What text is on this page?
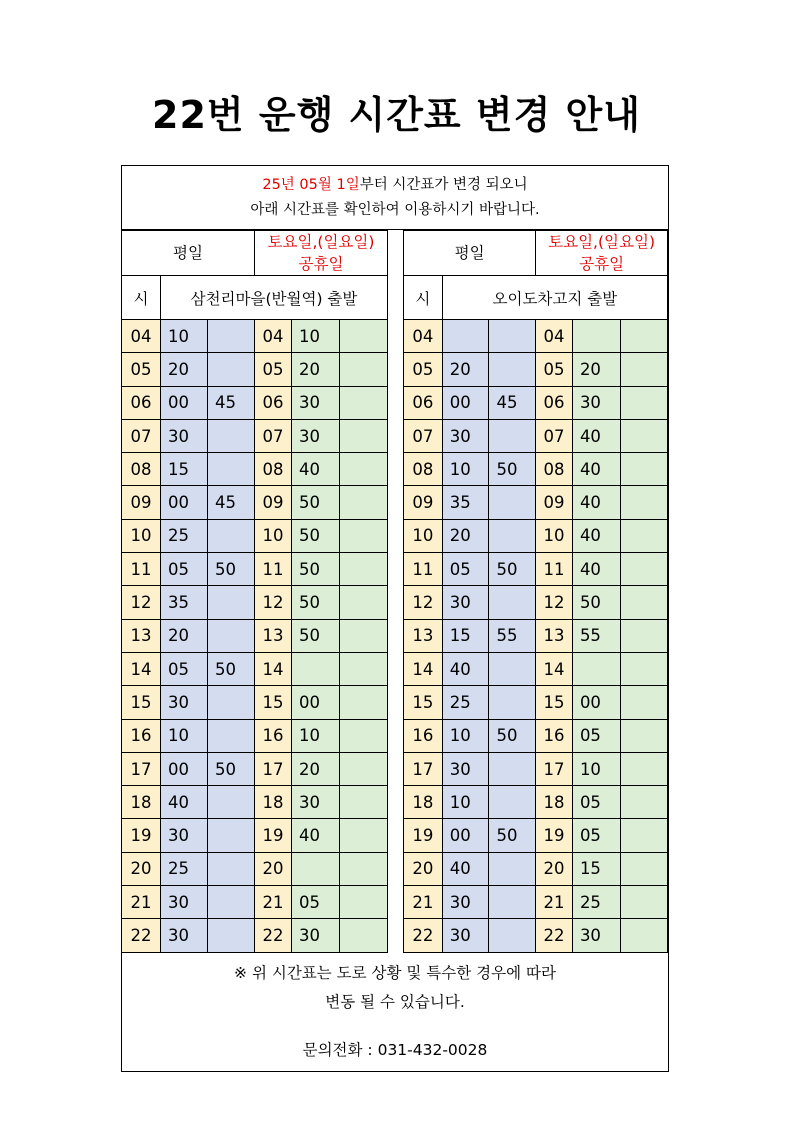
22번 운행 시간표 변경 안내
25년 05월 1일부터 시간표가 변경 되오니
아래 시간표를 확인하여 이용하시기 바랍니다.
평일			토요일,(일요일)
공휴일		
시	삼천리마을(반월역) 출발				
04	10		04	10	
05	20		05	20	
06	00	45	06	30	
07	30		07	30	
08	15		08	40	
09	00	45	09	50	
10	25		10	50	
11	05	50	11	50	
12	35		12	50	
13	20		13	50	
14	05	50	14		
15	30		15	00	
16	10		16	10	
17	00	50	17	20	
18	40		18	30	
19	30		19	40	
20	25		20		
21	30		21	05	
22	30		22	30	
평일			토요일,(일요일)
공휴일		
시	오이도차고지 출발				
04			04		
05	20		05	20	
06	00	45	06	30	
07	30		07	40	
08	10	50	08	40	
09	35		09	40	
10	20		10	40	
11	05	50	11	40	
12	30		12	50	
13	15	55	13	55	
14	40		14		
15	25		15	00	
16	10	50	16	05	
17	30		17	10	
18	10		18	05	
19	00	50	19	05	
20	40		20	15	
21	30		21	25	
22	30		22	30	
※ 위 시간표는 도로 상황 및 특수한 경우에 따라
변동 될 수 있습니다.
문의전화 : 031-432-0028
